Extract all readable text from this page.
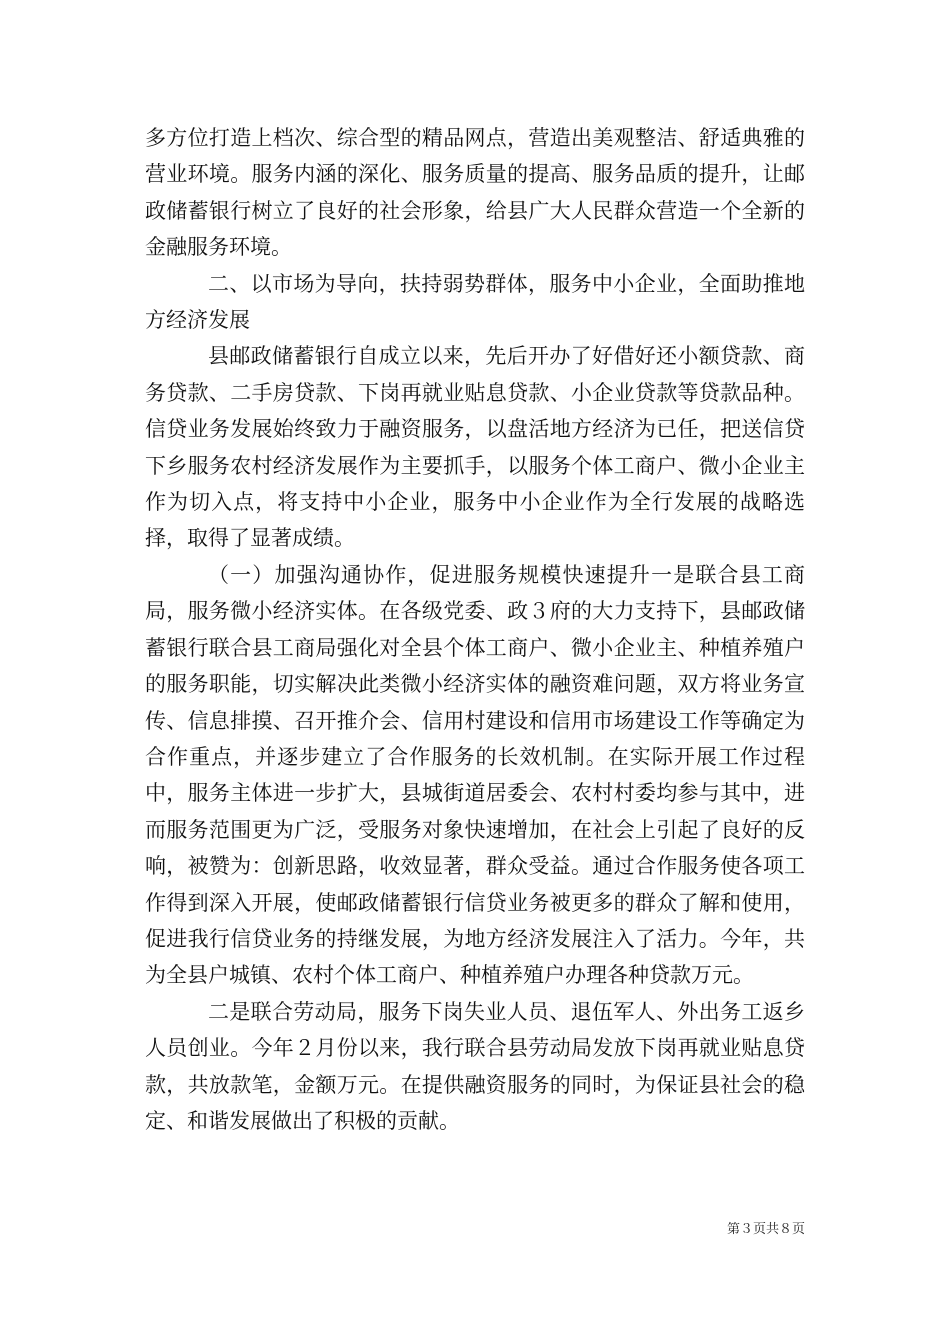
多方位打造上档次、综合型的精品网点，营造出美观整洁、舒适典雅的营业环境。服务内涵的深化、服务质量的提高、服务品质的提升，让邮政储蓄银行树立了良好的社会形象，给县广大人民群众营造一个全新的金融服务环境。

二、以市场为导向，扶持弱势群体，服务中小企业，全面助推地方经济发展

县邮政储蓄银行自成立以来，先后开办了好借好还小额贷款、商务贷款、二手房贷款、下岗再就业贴息贷款、小企业贷款等贷款品种。信贷业务发展始终致力于融资服务，以盘活地方经济为已任，把送信贷下乡服务农村经济发展作为主要抓手，以服务个体工商户、微小企业主作为切入点，将支持中小企业，服务中小企业作为全行发展的战略选择，取得了显著成绩。

（一）加强沟通协作，促进服务规模快速提升一是联合县工商局，服务微小经济实体。在各级党委、政３府的大力支持下，县邮政储蓄银行联合县工商局强化对全县个体工商户、微小企业主、种植养殖户的服务职能，切实解决此类微小经济实体的融资难问题，双方将业务宣传、信息排摸、召开推介会、信用村建设和信用市场建设工作等确定为合作重点，并逐步建立了合作服务的长效机制。在实际开展工作过程中，服务主体进一步扩大，县城街道居委会、农村村委均参与其中，进而服务范围更为广泛，受服务对象快速增加，在社会上引起了良好的反响，被赞为：创新思路，收效显著，群众受益。通过合作服务使各项工作得到深入开展，使邮政储蓄银行信贷业务被更多的群众了解和使用，促进我行信贷业务的持继发展，为地方经济发展注入了活力。今年，共为全县户城镇、农村个体工商户、种植养殖户办理各种贷款万元。

二是联合劳动局，服务下岗失业人员、退伍军人、外出务工返乡人员创业。今年２月份以来，我行联合县劳动局发放下岗再就业贴息贷款，共放款笔，金额万元。在提供融资服务的同时，为保证县社会的稳定、和谐发展做出了积极的贡献。

第３页共８页
